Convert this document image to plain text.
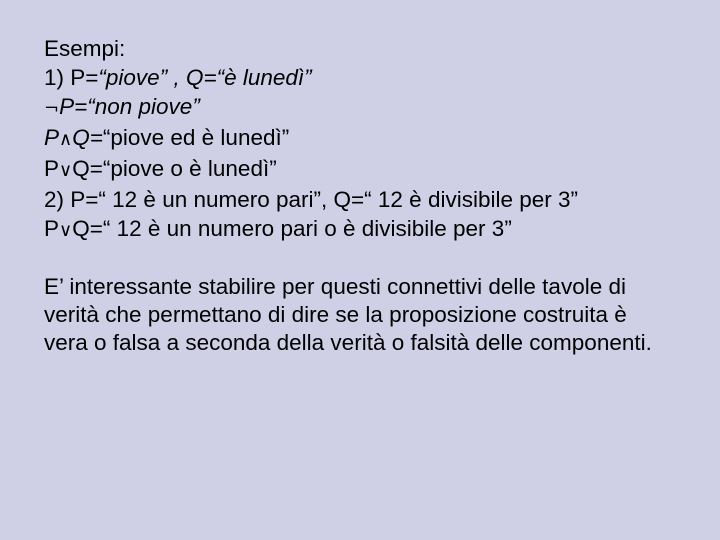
Esempi:
1) P=“piove” , Q=“è lunedì”
¬P=“non piove”
P∧Q=“piove ed è lunedì”
P∨Q=“piove o è lunedì”
2) P=“ 12 è un numero pari”, Q=“ 12 è divisibile per 3”
P∨Q=“ 12 è un numero pari o è divisibile per 3”
E’ interessante stabilire per questi connettivi delle tavole di verità che permettano di dire se la proposizione costruita è vera o falsa a seconda della verità o falsità delle componenti.
